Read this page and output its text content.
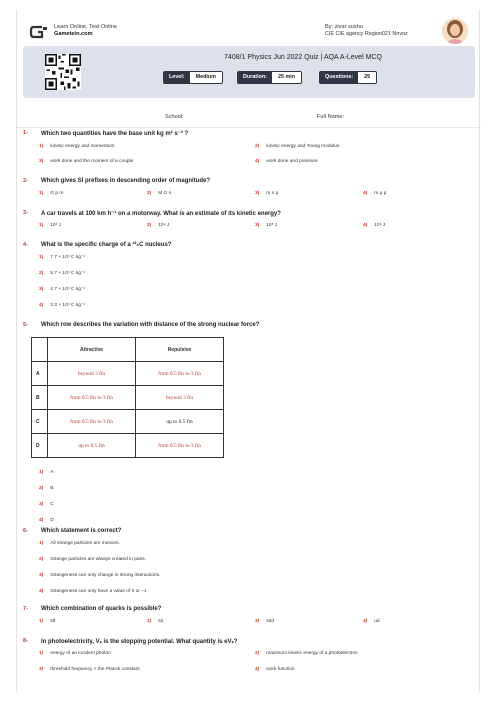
Learn Online, Test Online
Gametein.com
By: zivar sushu
CIE CIE agency Region021 Nnvoz
7408/1 Physics Jun 2022 Quiz | AQA A-Level MCQ
Level:	Medium	Duration:	25 min	Questions:	25
School:	Full Name:
1- Which two quantities have the base unit kg m² s⁻³ ?
1) kinetic energy and momentum	2) kinetic energy and Young modulus
3) work done and the moment of a couple	4) work done and pressure
2- Which gives SI prefixes in descending order of magnitude?
1) G p m	2) M G n	3) m n μ	4) m μ p
3- A car travels at 100 km h⁻¹ on a motorway. What is an estimate of its kinetic energy?
1) 10³ J	2) 10⁴ J	3) 10⁵ J	4) 10⁶ J
4- What is the specific charge of a ¹²₆C nucleus?
1) 7.7 × 10⁶ C kg⁻¹
2) 5.7 × 10⁶ C kg⁻¹
3) 4.7 × 10⁶ C kg⁻¹
4) 3.3 × 10⁶ C kg⁻¹
5- Which row describes the variation with distance of the strong nuclear force?
	Attractive	Repulsive
A	beyond 3 fm	from 0.5 fm to 3 fm
B	from 0.5 fm to 3 fm	beyond 3 fm
C	from 0.5 fm to 3 fm	up to 0.5 fm
D	up to 0.5 fm	from 0.5 fm to 3 fm
1) A
2) B
3) C
4) D
6- Which statement is correct?
1) All strange particles are mesons.
2) Strange particles are always created in pairs.
3) Strangeness can only change in strong interactions.
4) Strangeness can only have a value of 0 or −1
7- Which combination of quarks is possible?
1) sd̄	2) sū	3) sūd	4) ud
8- In photoelectricity, Vₛ is the stopping potential. What quantity is eVₛ?
1) energy of an incident photon	2) maximum kinetic energy of a photoelectron
3) threshold frequency × the Planck constant	4) work function
